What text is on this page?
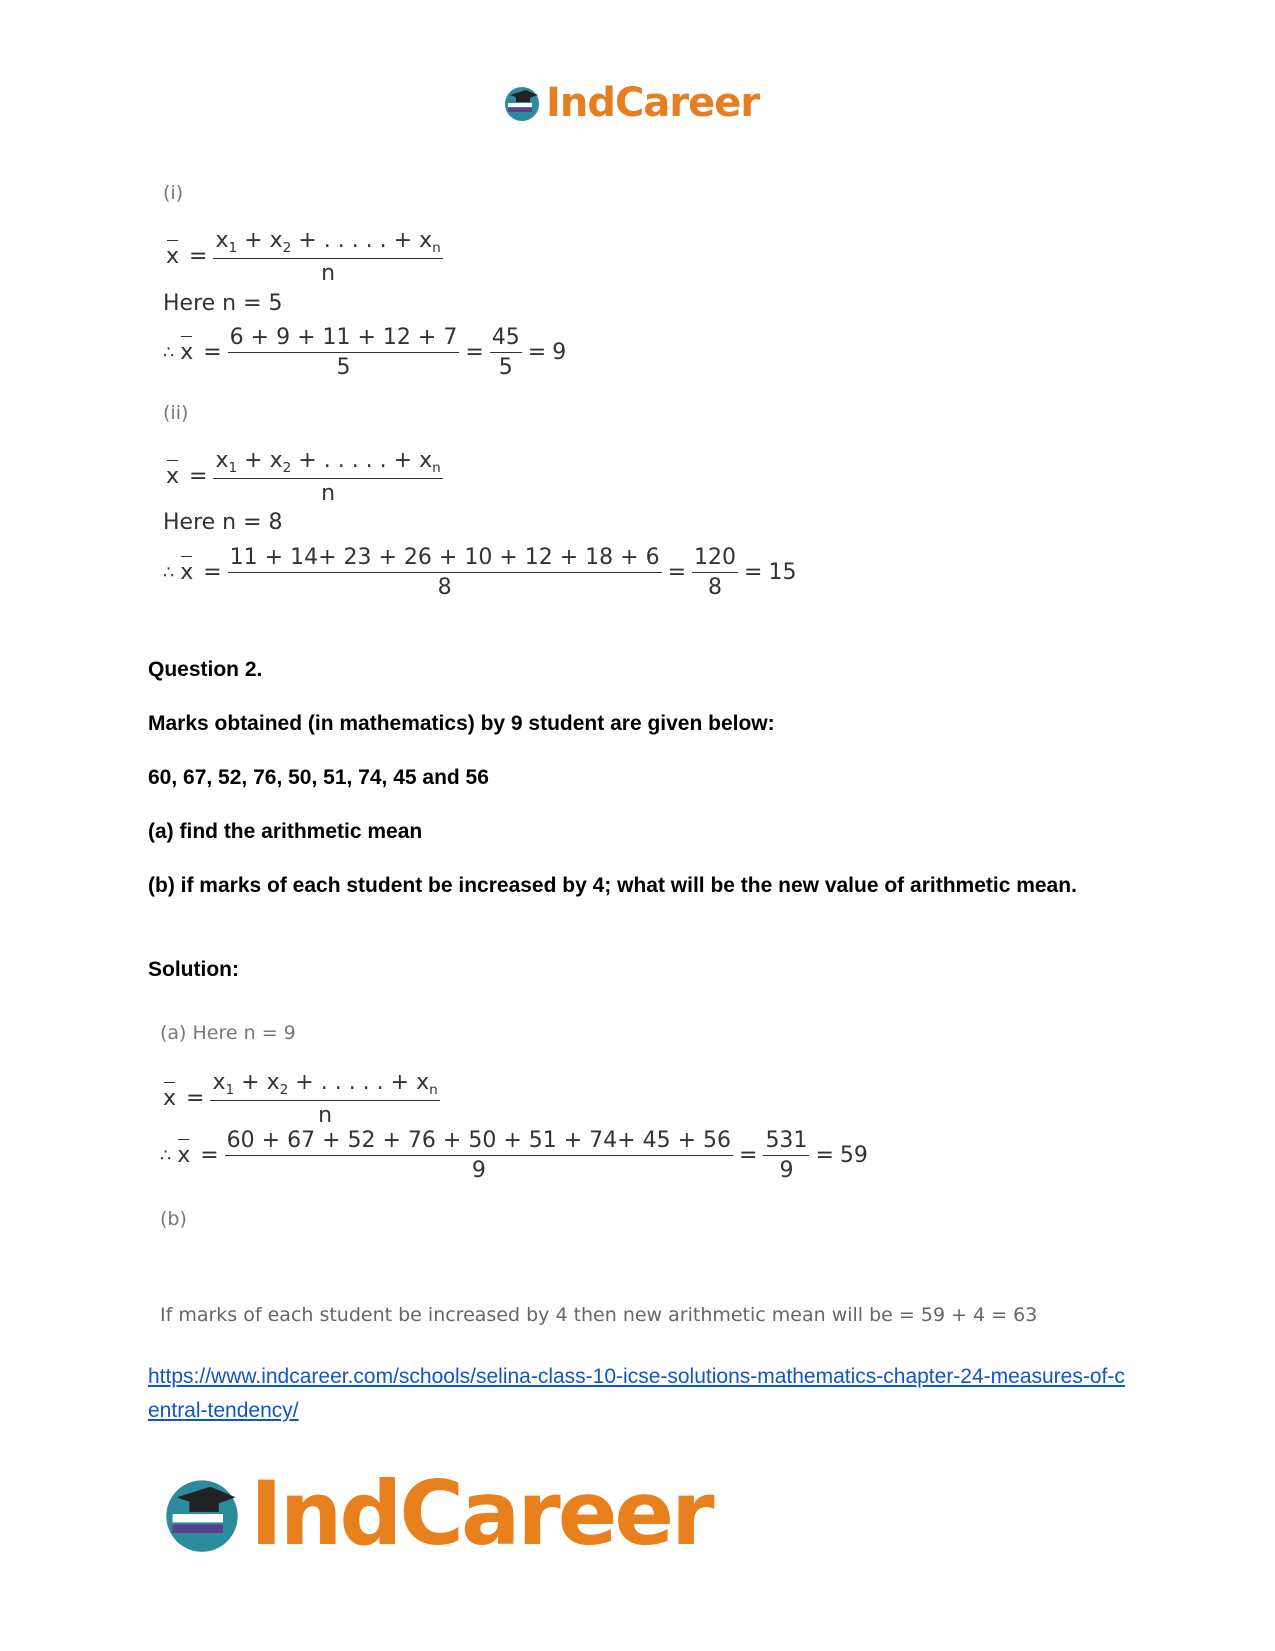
IndCareer
(i)
$x = \frac{x_1 + x_2 + . . . . . + x_n}{n}$
Here n = 5
∴ $x = \frac{6 + 9 + 11 + 12 + 7}{5} = \frac{45}{5} = 9$
(ii)
$x = \frac{x_1 + x_2 + . . . . . + x_n}{n}$
Here n = 8
∴ $x = \frac{11 + 14+ 23 + 26 + 10 + 12 + 18 + 6}{8} = \frac{120}{8} = 15$
Question 2.
Marks obtained (in mathematics) by 9 student are given below:
60, 67, 52, 76, 50, 51, 74, 45 and 56
(a) find the arithmetic mean
(b) if marks of each student be increased by 4; what will be the new value of arithmetic mean.
Solution:
(a) Here n = 9
$x = \frac{x_1 + x_2 + . . . . . + x_n}{n}$
∴ $x = \frac{60 + 67 + 52 + 76 + 50 + 51 + 74+ 45 + 56}{9} = \frac{531}{9} = 59$
(b)
If marks of each student be increased by 4 then new arithmetic mean will be = 59 + 4 = 63
https://www.indcareer.com/schools/selina-class-10-icse-solutions-mathematics-chapter-24-measures-of-central-tendency/
IndCareer
